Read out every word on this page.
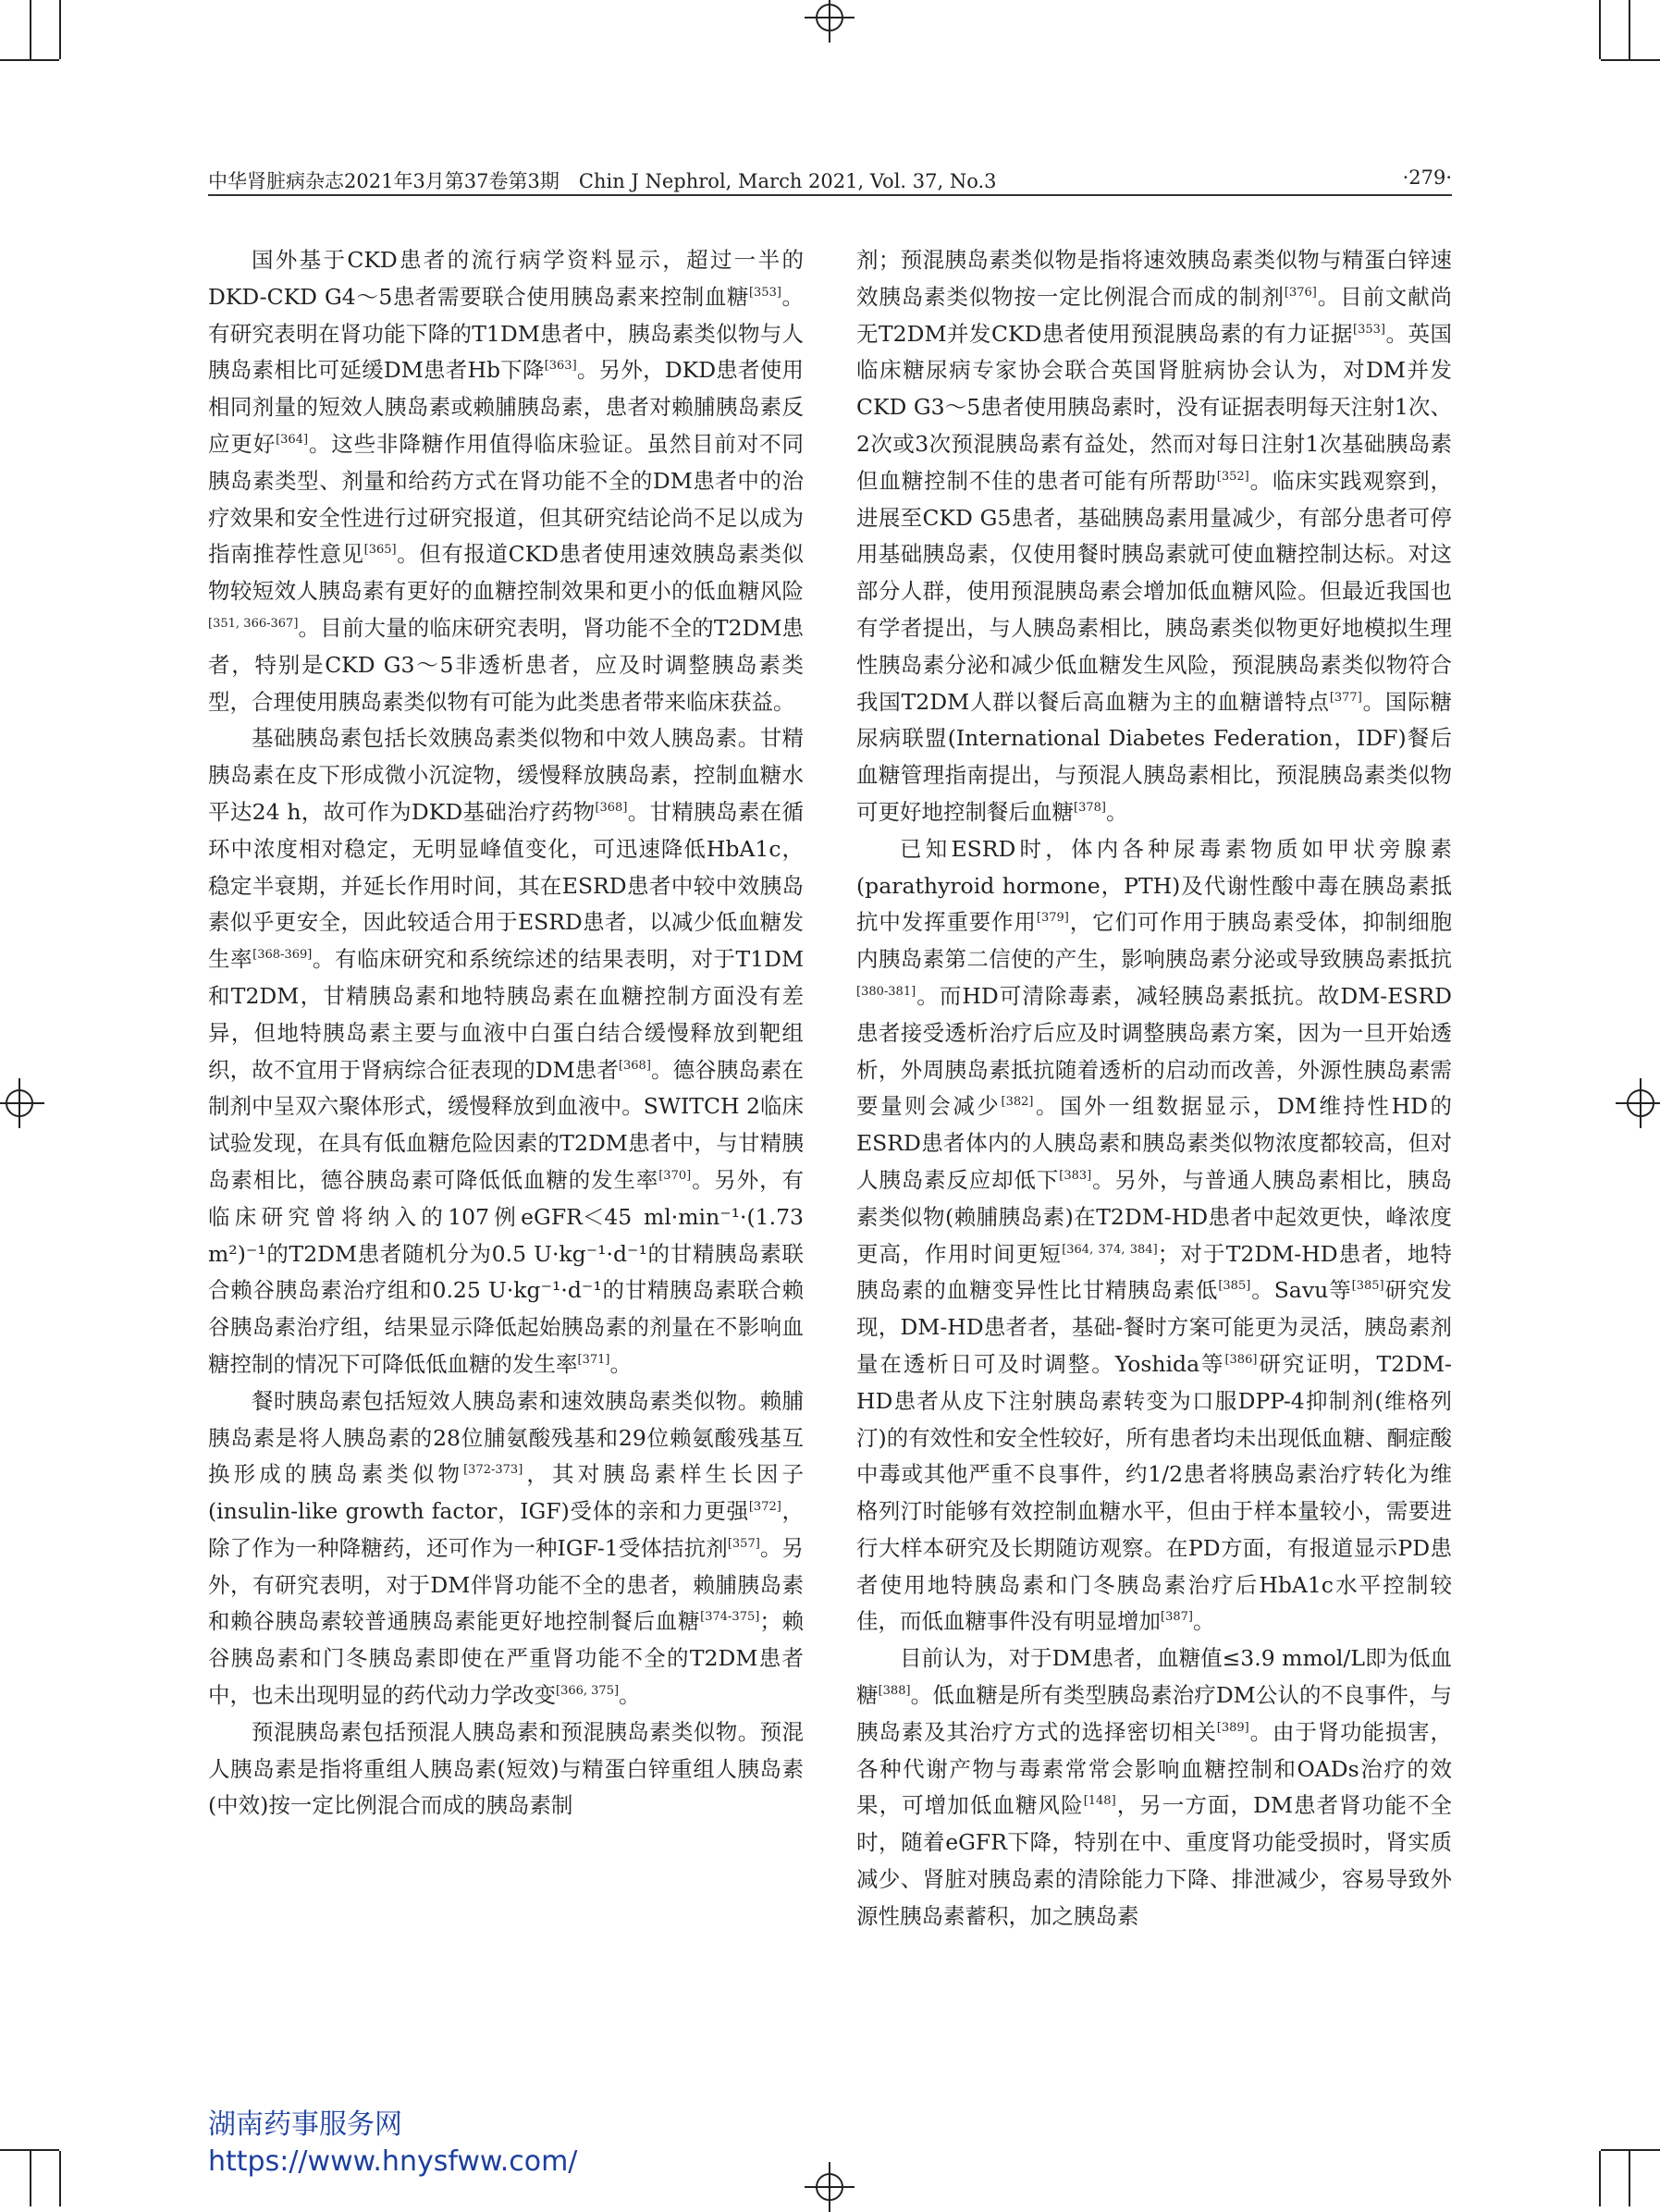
中华肾脏病杂志2021年3月第37卷第3期　Chin J Nephrol, March 2021, Vol. 37, No.3	·279·

国外基于CKD患者的流行病学资料显示，超过一半的DKD-CKD G4～5患者需要联合使用胰岛素来控制血糖[353]。有研究表明在肾功能下降的T1DM患者中，胰岛素类似物与人胰岛素相比可延缓DM患者Hb下降[363]。另外，DKD患者使用相同剂量的短效人胰岛素或赖脯胰岛素，患者对赖脯胰岛素反应更好[364]。这些非降糖作用值得临床验证。虽然目前对不同胰岛素类型、剂量和给药方式在肾功能不全的DM患者中的治疗效果和安全性进行过研究报道，但其研究结论尚不足以成为指南推荐性意见[365]。但有报道CKD患者使用速效胰岛素类似物较短效人胰岛素有更好的血糖控制效果和更小的低血糖风险[351, 366-367]。目前大量的临床研究表明，肾功能不全的T2DM患者，特别是CKD G3～5非透析患者，应及时调整胰岛素类型，合理使用胰岛素类似物有可能为此类患者带来临床获益。

基础胰岛素包括长效胰岛素类似物和中效人胰岛素。甘精胰岛素在皮下形成微小沉淀物，缓慢释放胰岛素，控制血糖水平达24 h，故可作为DKD基础治疗药物[368]。甘精胰岛素在循环中浓度相对稳定，无明显峰值变化，可迅速降低HbA1c，稳定半衰期，并延长作用时间，其在ESRD患者中较中效胰岛素似乎更安全，因此较适合用于ESRD患者，以减少低血糖发生率[368-369]。有临床研究和系统综述的结果表明，对于T1DM和T2DM，甘精胰岛素和地特胰岛素在血糖控制方面没有差异，但地特胰岛素主要与血液中白蛋白结合缓慢释放到靶组织，故不宜用于肾病综合征表现的DM患者[368]。德谷胰岛素在制剂中呈双六聚体形式，缓慢释放到血液中。SWITCH 2临床试验发现，在具有低血糖危险因素的T2DM患者中，与甘精胰岛素相比，德谷胰岛素可降低低血糖的发生率[370]。另外，有临床研究曾将纳入的107例eGFR＜45 ml·min⁻¹·(1.73 m²)⁻¹的T2DM患者随机分为0.5 U·kg⁻¹·d⁻¹的甘精胰岛素联合赖谷胰岛素治疗组和0.25 U·kg⁻¹·d⁻¹的甘精胰岛素联合赖谷胰岛素治疗组，结果显示降低起始胰岛素的剂量在不影响血糖控制的情况下可降低低血糖的发生率[371]。

餐时胰岛素包括短效人胰岛素和速效胰岛素类似物。赖脯胰岛素是将人胰岛素的28位脯氨酸残基和29位赖氨酸残基互换形成的胰岛素类似物[372-373]，其对胰岛素样生长因子(insulin-like growth factor，IGF)受体的亲和力更强[372]，除了作为一种降糖药，还可作为一种IGF-1受体拮抗剂[357]。另外，有研究表明，对于DM伴肾功能不全的患者，赖脯胰岛素和赖谷胰岛素较普通胰岛素能更好地控制餐后血糖[374-375]；赖谷胰岛素和门冬胰岛素即使在严重肾功能不全的T2DM患者中，也未出现明显的药代动力学改变[366, 375]。

预混胰岛素包括预混人胰岛素和预混胰岛素类似物。预混人胰岛素是指将重组人胰岛素(短效)与精蛋白锌重组人胰岛素(中效)按一定比例混合而成的胰岛素制

剂；预混胰岛素类似物是指将速效胰岛素类似物与精蛋白锌速效胰岛素类似物按一定比例混合而成的制剂[376]。目前文献尚无T2DM并发CKD患者使用预混胰岛素的有力证据[353]。英国临床糖尿病专家协会联合英国肾脏病协会认为，对DM并发CKD G3～5患者使用胰岛素时，没有证据表明每天注射1次、2次或3次预混胰岛素有益处，然而对每日注射1次基础胰岛素但血糖控制不佳的患者可能有所帮助[352]。临床实践观察到，进展至CKD G5患者，基础胰岛素用量减少，有部分患者可停用基础胰岛素，仅使用餐时胰岛素就可使血糖控制达标。对这部分人群，使用预混胰岛素会增加低血糖风险。但最近我国也有学者提出，与人胰岛素相比，胰岛素类似物更好地模拟生理性胰岛素分泌和减少低血糖发生风险，预混胰岛素类似物符合我国T2DM人群以餐后高血糖为主的血糖谱特点[377]。国际糖尿病联盟(International Diabetes Federation，IDF)餐后血糖管理指南提出，与预混人胰岛素相比，预混胰岛素类似物可更好地控制餐后血糖[378]。

已知ESRD时，体内各种尿毒素物质如甲状旁腺素(parathyroid hormone，PTH)及代谢性酸中毒在胰岛素抵抗中发挥重要作用[379]，它们可作用于胰岛素受体，抑制细胞内胰岛素第二信使的产生，影响胰岛素分泌或导致胰岛素抵抗[380-381]。而HD可清除毒素，减轻胰岛素抵抗。故DM-ESRD患者接受透析治疗后应及时调整胰岛素方案，因为一旦开始透析，外周胰岛素抵抗随着透析的启动而改善，外源性胰岛素需要量则会减少[382]。国外一组数据显示，DM维持性HD的ESRD患者体内的人胰岛素和胰岛素类似物浓度都较高，但对人胰岛素反应却低下[383]。另外，与普通人胰岛素相比，胰岛素类似物(赖脯胰岛素)在T2DM-HD患者中起效更快，峰浓度更高，作用时间更短[364, 374, 384]；对于T2DM-HD患者，地特胰岛素的血糖变异性比甘精胰岛素低[385]。Savu等[385]研究发现，DM-HD患者者，基础-餐时方案可能更为灵活，胰岛素剂量在透析日可及时调整。Yoshida等[386]研究证明，T2DM-HD患者从皮下注射胰岛素转变为口服DPP-4抑制剂(维格列汀)的有效性和安全性较好，所有患者均未出现低血糖、酮症酸中毒或其他严重不良事件，约1/2患者将胰岛素治疗转化为维格列汀时能够有效控制血糖水平，但由于样本量较小，需要进行大样本研究及长期随访观察。在PD方面，有报道显示PD患者使用地特胰岛素和门冬胰岛素治疗后HbA1c水平控制较佳，而低血糖事件没有明显增加[387]。

目前认为，对于DM患者，血糖值≤3.9 mmol/L即为低血糖[388]。低血糖是所有类型胰岛素治疗DM公认的不良事件，与胰岛素及其治疗方式的选择密切相关[389]。由于肾功能损害，各种代谢产物与毒素常常会影响血糖控制和OADs治疗的效果，可增加低血糖风险[148]，另一方面，DM患者肾功能不全时，随着eGFR下降，特别在中、重度肾功能受损时，肾实质减少、肾脏对胰岛素的清除能力下降、排泄减少，容易导致外源性胰岛素蓄积，加之胰岛素

湖南药事服务网
https://www.hnysfww.com/
